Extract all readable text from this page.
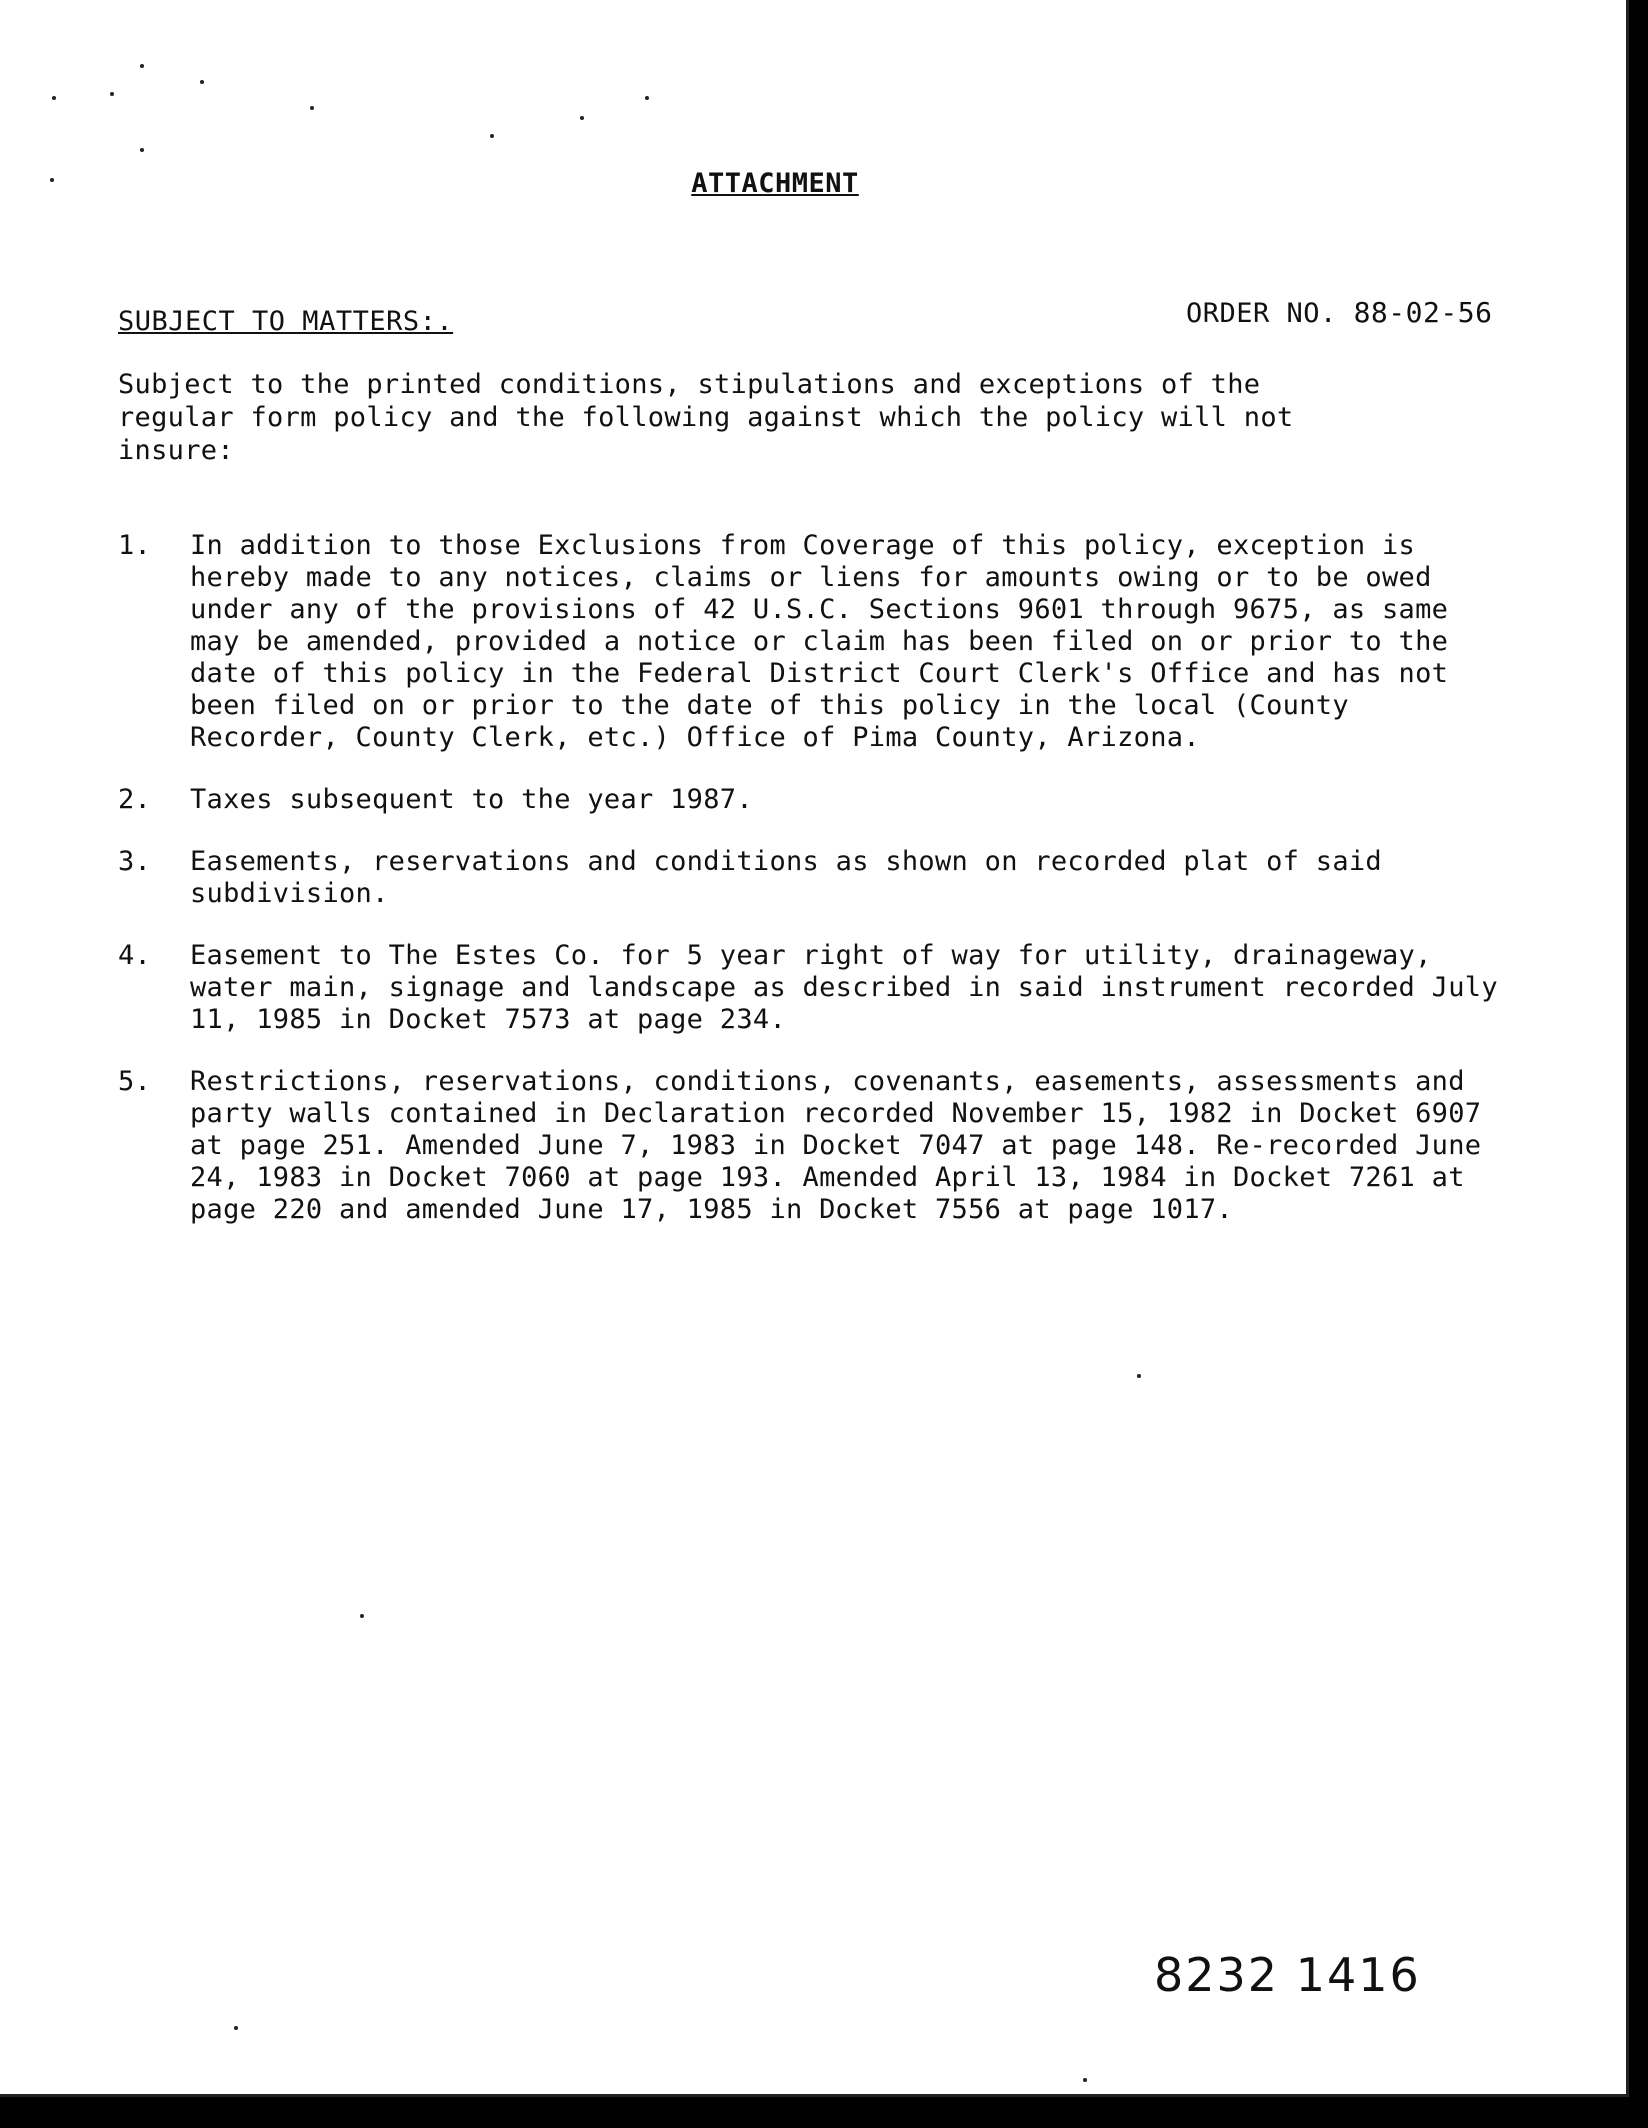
ATTACHMENT
SUBJECT TO MATTERS:.	ORDER NO. 88-02-56
Subject to the printed conditions, stipulations and exceptions of the regular form policy and the following against which the policy will not insure:
1.	In addition to those Exclusions from Coverage of this policy, exception is hereby made to any notices, claims or liens for amounts owing or to be owed under any of the provisions of 42 U.S.C. Sections 9601 through 9675, as same may be amended, provided a notice or claim has been filed on or prior to the date of this policy in the Federal District Court Clerk's Office and has not been filed on or prior to the date of this policy in the local (County Recorder, County Clerk, etc.) Office of Pima County, Arizona.
2.	Taxes subsequent to the year 1987.
3.	Easements, reservations and conditions as shown on recorded plat of said subdivision.
4.	Easement to The Estes Co. for 5 year right of way for utility, drainageway, water main, signage and landscape as described in said instrument recorded July 11, 1985 in Docket 7573 at page 234.
5.	Restrictions, reservations, conditions, covenants, easements, assessments and party walls contained in Declaration recorded November 15, 1982 in Docket 6907 at page 251. Amended June 7, 1983 in Docket 7047 at page 148. Re-recorded June 24, 1983 in Docket 7060 at page 193. Amended April 13, 1984 in Docket 7261 at page 220 and amended June 17, 1985 in Docket 7556 at page 1017.
8232 1416
